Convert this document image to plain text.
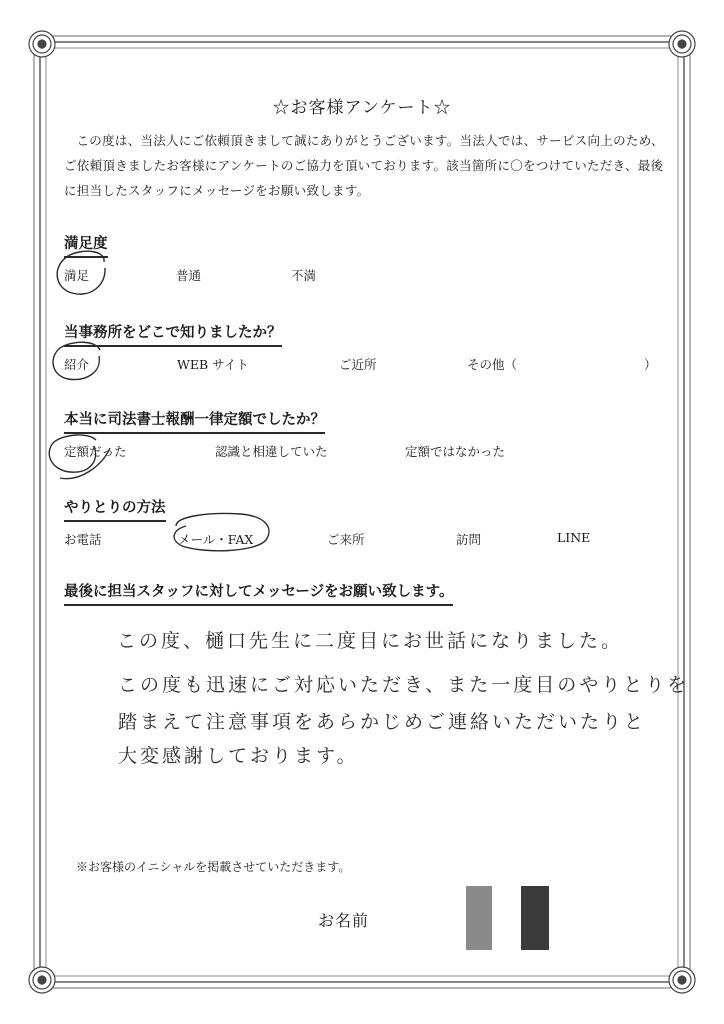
☆お客様アンケート☆
この度は、当法人にご依頼頂きまして誠にありがとうございます。当法人では、サービス向上のため、ご依頼頂きましたお客様にアンケートのご協力を頂いております。該当箇所に〇をつけていただき、最後に担当したスタッフにメッセージをお願い致します。
満足度
満足	普通	不満
当事務所をどこで知りましたか？
紹介	WEB サイト	ご近所	その他（	）
本当に司法書士報酬一律定額でしたか？
定額だった	認識と相違していた	定額ではなかった
やりとりの方法
お電話	メール・FAX	ご来所	訪問	LINE
最後に担当スタッフに対してメッセージをお願い致します。
この度、樋口先生に二度目にお世話になりました。
この度も迅速にご対応いただき、また一度目のやりとりを
踏まえて注意事項をあらかじめご連絡いただいたりと
大変感謝しております。
※お客様のイニシャルを掲載させていただきます。
お名前
